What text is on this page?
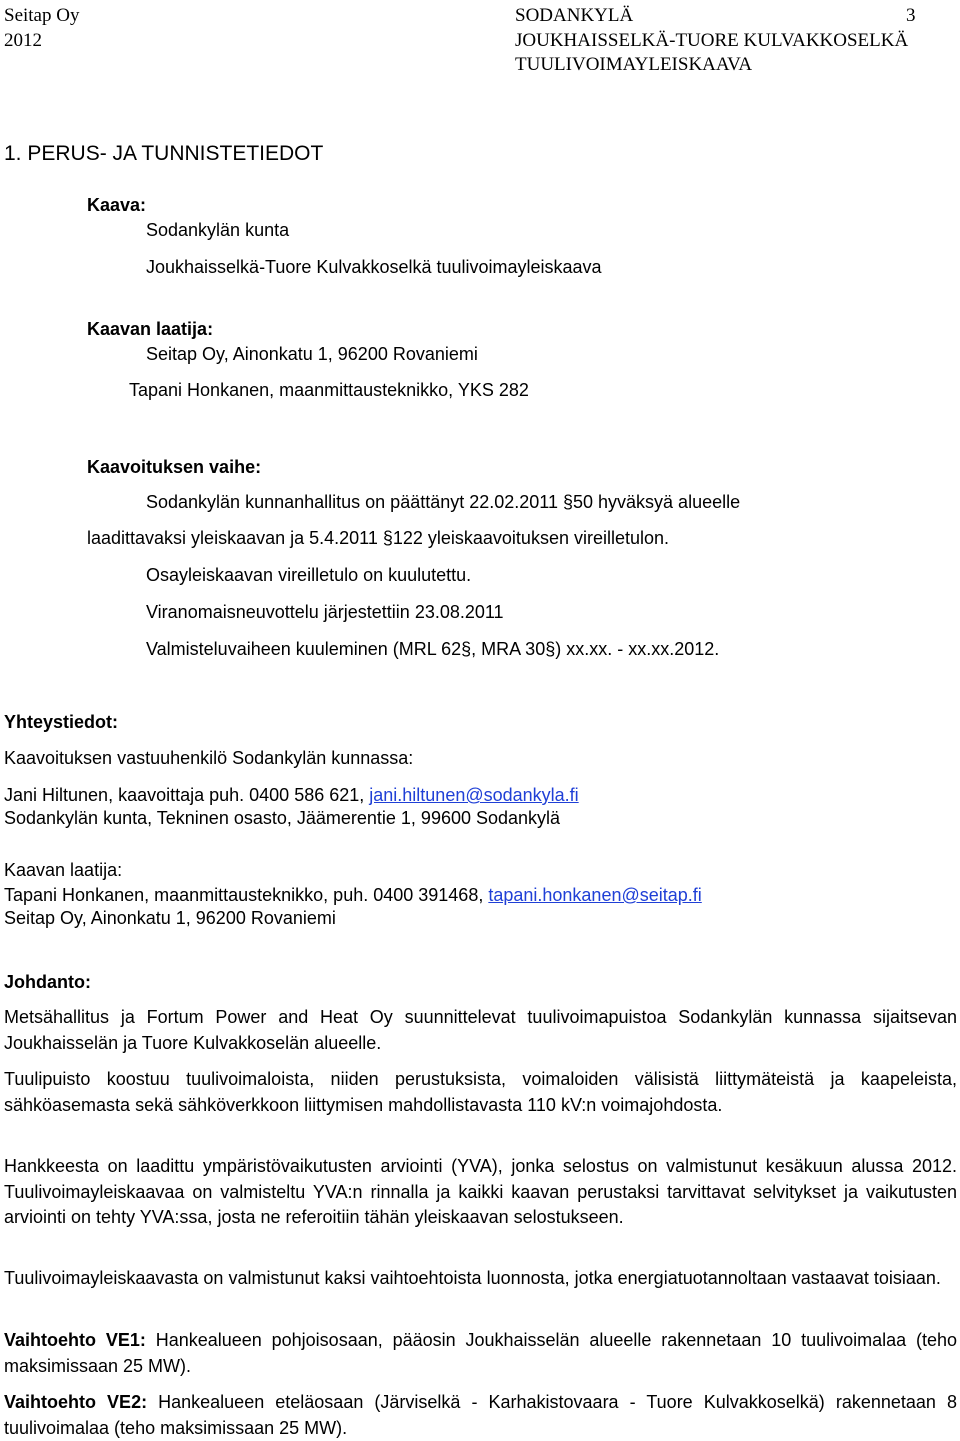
Seitap Oy
2012
SODANKYLÄ	3
JOUKHAISSELKÄ-TUORE KULVAKKOSELKÄ
TUULIVOIMAYLEISKAAVA
1. PERUS- JA TUNNISTETIEDOT
Kaava:
Sodankylän kunta
Joukhaisselkä-Tuore Kulvakkoselkä tuulivoimayleiskaava
Kaavan laatija:
Seitap Oy, Ainonkatu 1, 96200 Rovaniemi
Tapani Honkanen, maanmittausteknikko, YKS 282
Kaavoituksen vaihe:
Sodankylän kunnanhallitus on päättänyt 22.02.2011 §50 hyväksyä alueelle
laadittavaksi yleiskaavan ja 5.4.2011 §122 yleiskaavoituksen vireilletulon.
Osayleiskaavan vireilletulo on kuulutettu.
Viranomaisneuvottelu järjestettiin 23.08.2011
Valmisteluvaiheen kuuleminen (MRL 62§, MRA 30§) xx.xx. - xx.xx.2012.
Yhteystiedot:
Kaavoituksen vastuuhenkilö Sodankylän kunnassa:
Jani Hiltunen, kaavoittaja puh. 0400 586 621, jani.hiltunen@sodankyla.fi
Sodankylän kunta, Tekninen osasto, Jäämerentie 1, 99600 Sodankylä
Kaavan laatija:
Tapani Honkanen, maanmittausteknikko, puh. 0400 391468, tapani.honkanen@seitap.fi
Seitap Oy, Ainonkatu 1, 96200 Rovaniemi
Johdanto:
Metsähallitus ja Fortum Power and Heat Oy suunnittelevat tuulivoimapuistoa Sodankylän kunnassa sijaitsevan Joukhaisselän ja Tuore Kulvakkoselän alueelle.
Tuulipuisto koostuu tuulivoimaloista, niiden perustuksista, voimaloiden välisistä liittymäteistä ja kaapeleista, sähköasemasta sekä sähköverkkoon liittymisen mahdollistavasta 110 kV:n voimajohdosta.
Hankkeesta on laadittu ympäristövaikutusten arviointi (YVA), jonka selostus on valmistunut kesäkuun alussa 2012. Tuulivoimayleiskaavaa on valmisteltu YVA:n rinnalla ja kaikki kaavan perustaksi tarvittavat selvitykset ja vaikutusten arviointi on tehty YVA:ssa, josta ne referoitiin tähän yleiskaavan selostukseen.
Tuulivoimayleiskaavasta on valmistunut kaksi vaihtoehtoista luonnosta, jotka energiatuotannoltaan vastaavat toisiaan.
Vaihtoehto VE1: Hankealueen pohjoisosaan, pääosin Joukhaisselän alueelle rakennetaan 10 tuulivoimalaa (teho maksimissaan 25 MW).
Vaihtoehto VE2: Hankealueen eteläosaan (Järviselkä - Karhakistovaara - Tuore Kulvakkoselkä) rakennetaan 8 tuulivoimalaa (teho maksimissaan 25 MW).
